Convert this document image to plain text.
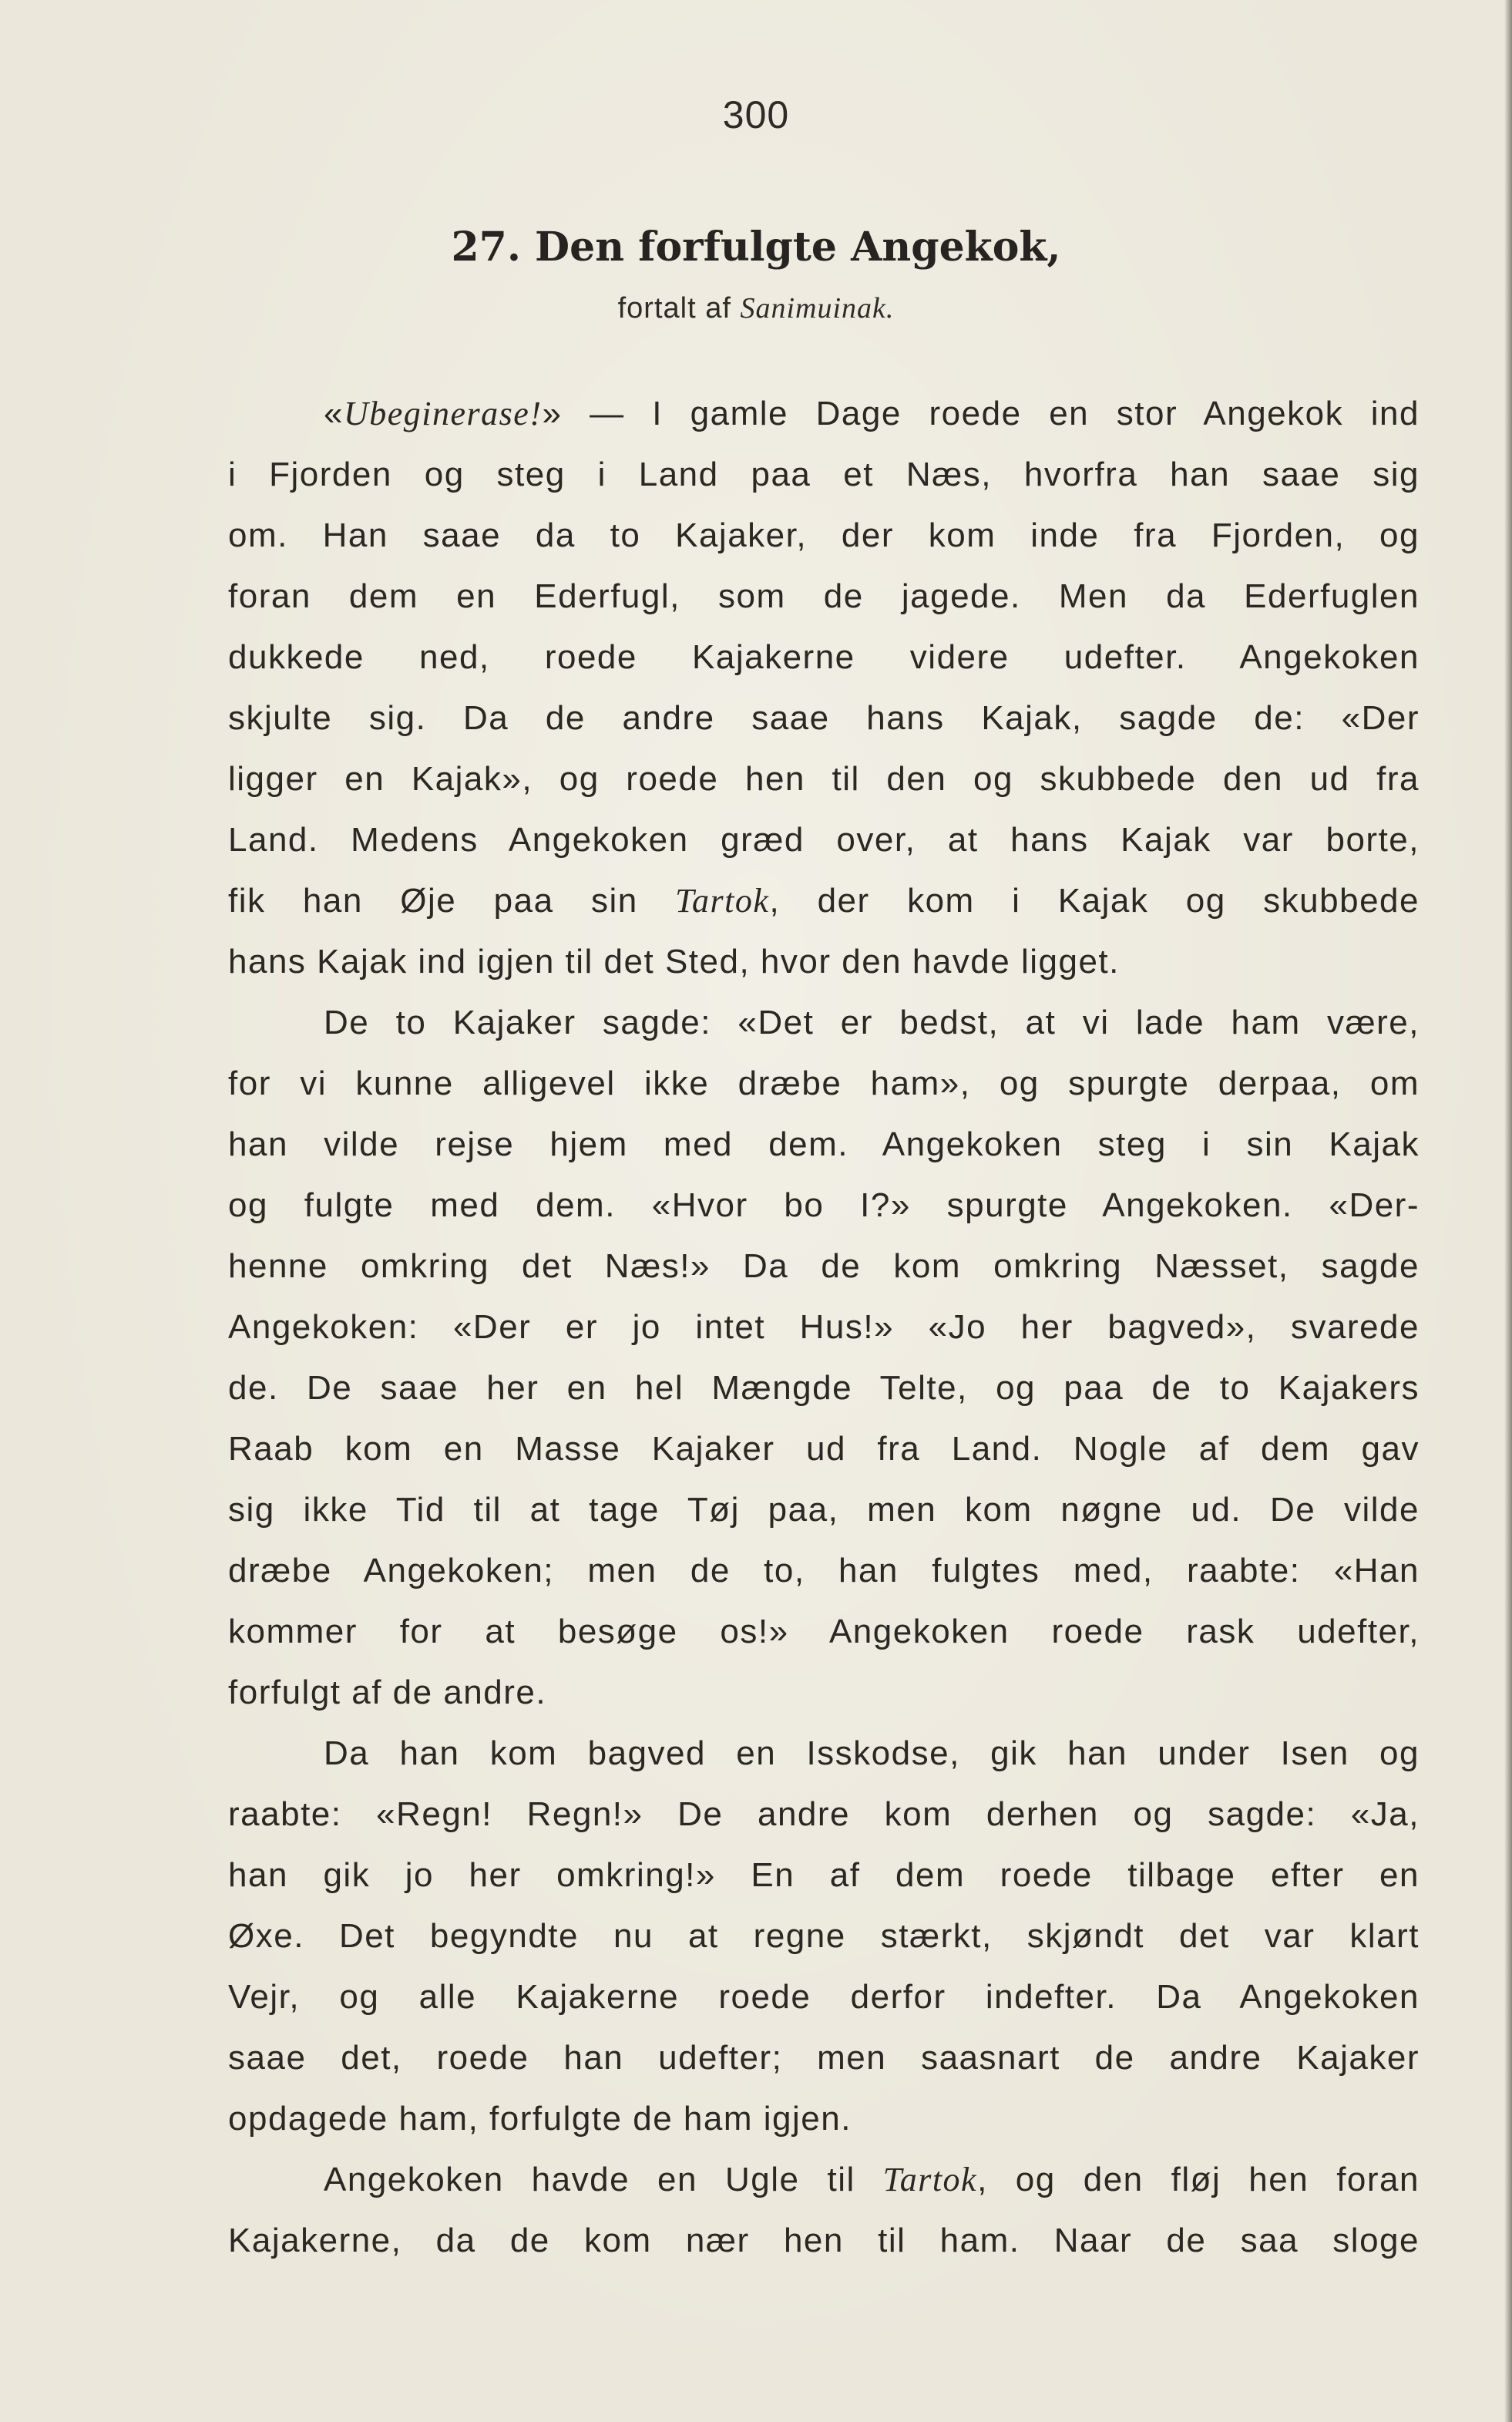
300
27. Den forfulgte Angekok,
fortalt af Sanimuinak.
«Ubeginerase!» — I gamle Dage roede en stor Angekok ind
i Fjorden og steg i Land paa et Næs, hvorfra han saae sig
om. Han saae da to Kajaker, der kom inde fra Fjorden, og
foran dem en Ederfugl, som de jagede. Men da Ederfuglen
dukkede ned, roede Kajakerne videre udefter. Angekoken
skjulte sig. Da de andre saae hans Kajak, sagde de: «Der
ligger en Kajak», og roede hen til den og skubbede den ud fra
Land. Medens Angekoken græd over, at hans Kajak var borte,
fik han Øje paa sin Tartok, der kom i Kajak og skubbede
hans Kajak ind igjen til det Sted, hvor den havde ligget.
De to Kajaker sagde: «Det er bedst, at vi lade ham være,
for vi kunne alligevel ikke dræbe ham», og spurgte derpaa, om
han vilde rejse hjem med dem. Angekoken steg i sin Kajak
og fulgte med dem. «Hvor bo I?» spurgte Angekoken. «Der-
henne omkring det Næs!» Da de kom omkring Næsset, sagde
Angekoken: «Der er jo intet Hus!» «Jo her bagved», svarede
de. De saae her en hel Mængde Telte, og paa de to Kajakers
Raab kom en Masse Kajaker ud fra Land. Nogle af dem gav
sig ikke Tid til at tage Tøj paa, men kom nøgne ud. De vilde
dræbe Angekoken; men de to, han fulgtes med, raabte: «Han
kommer for at besøge os!» Angekoken roede rask udefter,
forfulgt af de andre.
Da han kom bagved en Isskodse, gik han under Isen og
raabte: «Regn! Regn!» De andre kom derhen og sagde: «Ja,
han gik jo her omkring!» En af dem roede tilbage efter en
Øxe. Det begyndte nu at regne stærkt, skjøndt det var klart
Vejr, og alle Kajakerne roede derfor indefter. Da Angekoken
saae det, roede han udefter; men saasnart de andre Kajaker
opdagede ham, forfulgte de ham igjen.
Angekoken havde en Ugle til Tartok, og den fløj hen foran
Kajakerne, da de kom nær hen til ham. Naar de saa sloge
